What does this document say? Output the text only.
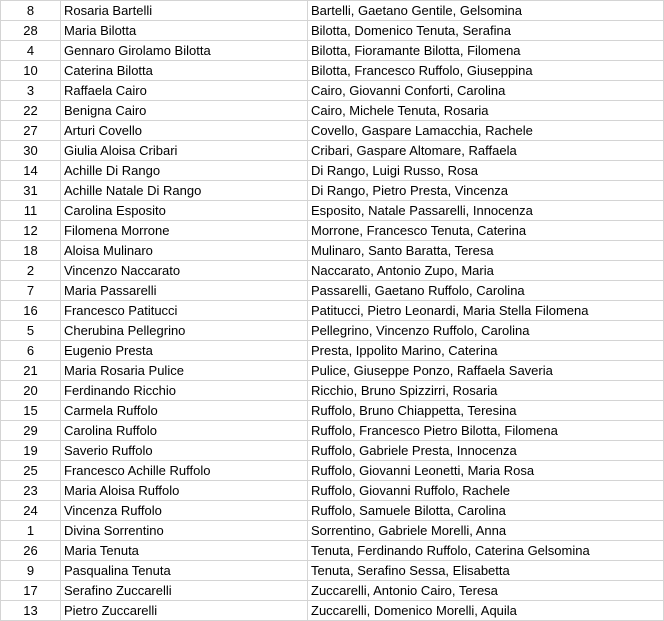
8	Rosaria Bartelli	Bartelli, Gaetano Gentile, Gelsomina
28	Maria Bilotta	Bilotta, Domenico Tenuta, Serafina
4	Gennaro Girolamo Bilotta	Bilotta, Fioramante Bilotta, Filomena
10	Caterina Bilotta	Bilotta, Francesco Ruffolo, Giuseppina
3	Raffaela Cairo	Cairo, Giovanni Conforti, Carolina
22	Benigna Cairo	Cairo, Michele Tenuta, Rosaria
27	Arturi Covello	Covello, Gaspare Lamacchia, Rachele
30	Giulia Aloisa Cribari	Cribari, Gaspare Altomare, Raffaela
14	Achille Di Rango	Di Rango, Luigi Russo, Rosa
31	Achille Natale Di Rango	Di Rango, Pietro Presta, Vincenza
11	Carolina Esposito	Esposito, Natale Passarelli, Innocenza
12	Filomena Morrone	Morrone, Francesco Tenuta, Caterina
18	Aloisa Mulinaro	Mulinaro, Santo Baratta, Teresa
2	Vincenzo Naccarato	Naccarato, Antonio Zupo, Maria
7	Maria Passarelli	Passarelli, Gaetano Ruffolo, Carolina
16	Francesco Patitucci	Patitucci, Pietro Leonardi, Maria Stella Filomena
5	Cherubina Pellegrino	Pellegrino, Vincenzo Ruffolo, Carolina
6	Eugenio Presta	Presta, Ippolito Marino, Caterina
21	Maria Rosaria Pulice	Pulice, Giuseppe Ponzo, Raffaela Saveria
20	Ferdinando Ricchio	Ricchio, Bruno Spizzirri, Rosaria
15	Carmela Ruffolo	Ruffolo, Bruno Chiappetta, Teresina
29	Carolina Ruffolo	Ruffolo, Francesco Pietro Bilotta, Filomena
19	Saverio Ruffolo	Ruffolo, Gabriele Presta, Innocenza
25	Francesco Achille Ruffolo	Ruffolo, Giovanni Leonetti, Maria Rosa
23	Maria Aloisa Ruffolo	Ruffolo, Giovanni Ruffolo, Rachele
24	Vincenza Ruffolo	Ruffolo, Samuele Bilotta, Carolina
1	Divina Sorrentino	Sorrentino, Gabriele Morelli, Anna
26	Maria Tenuta	Tenuta, Ferdinando Ruffolo, Caterina Gelsomina
9	Pasqualina Tenuta	Tenuta, Serafino Sessa, Elisabetta
17	Serafino Zuccarelli	Zuccarelli, Antonio Cairo, Teresa
13	Pietro Zuccarelli	Zuccarelli, Domenico Morelli, Aquila
